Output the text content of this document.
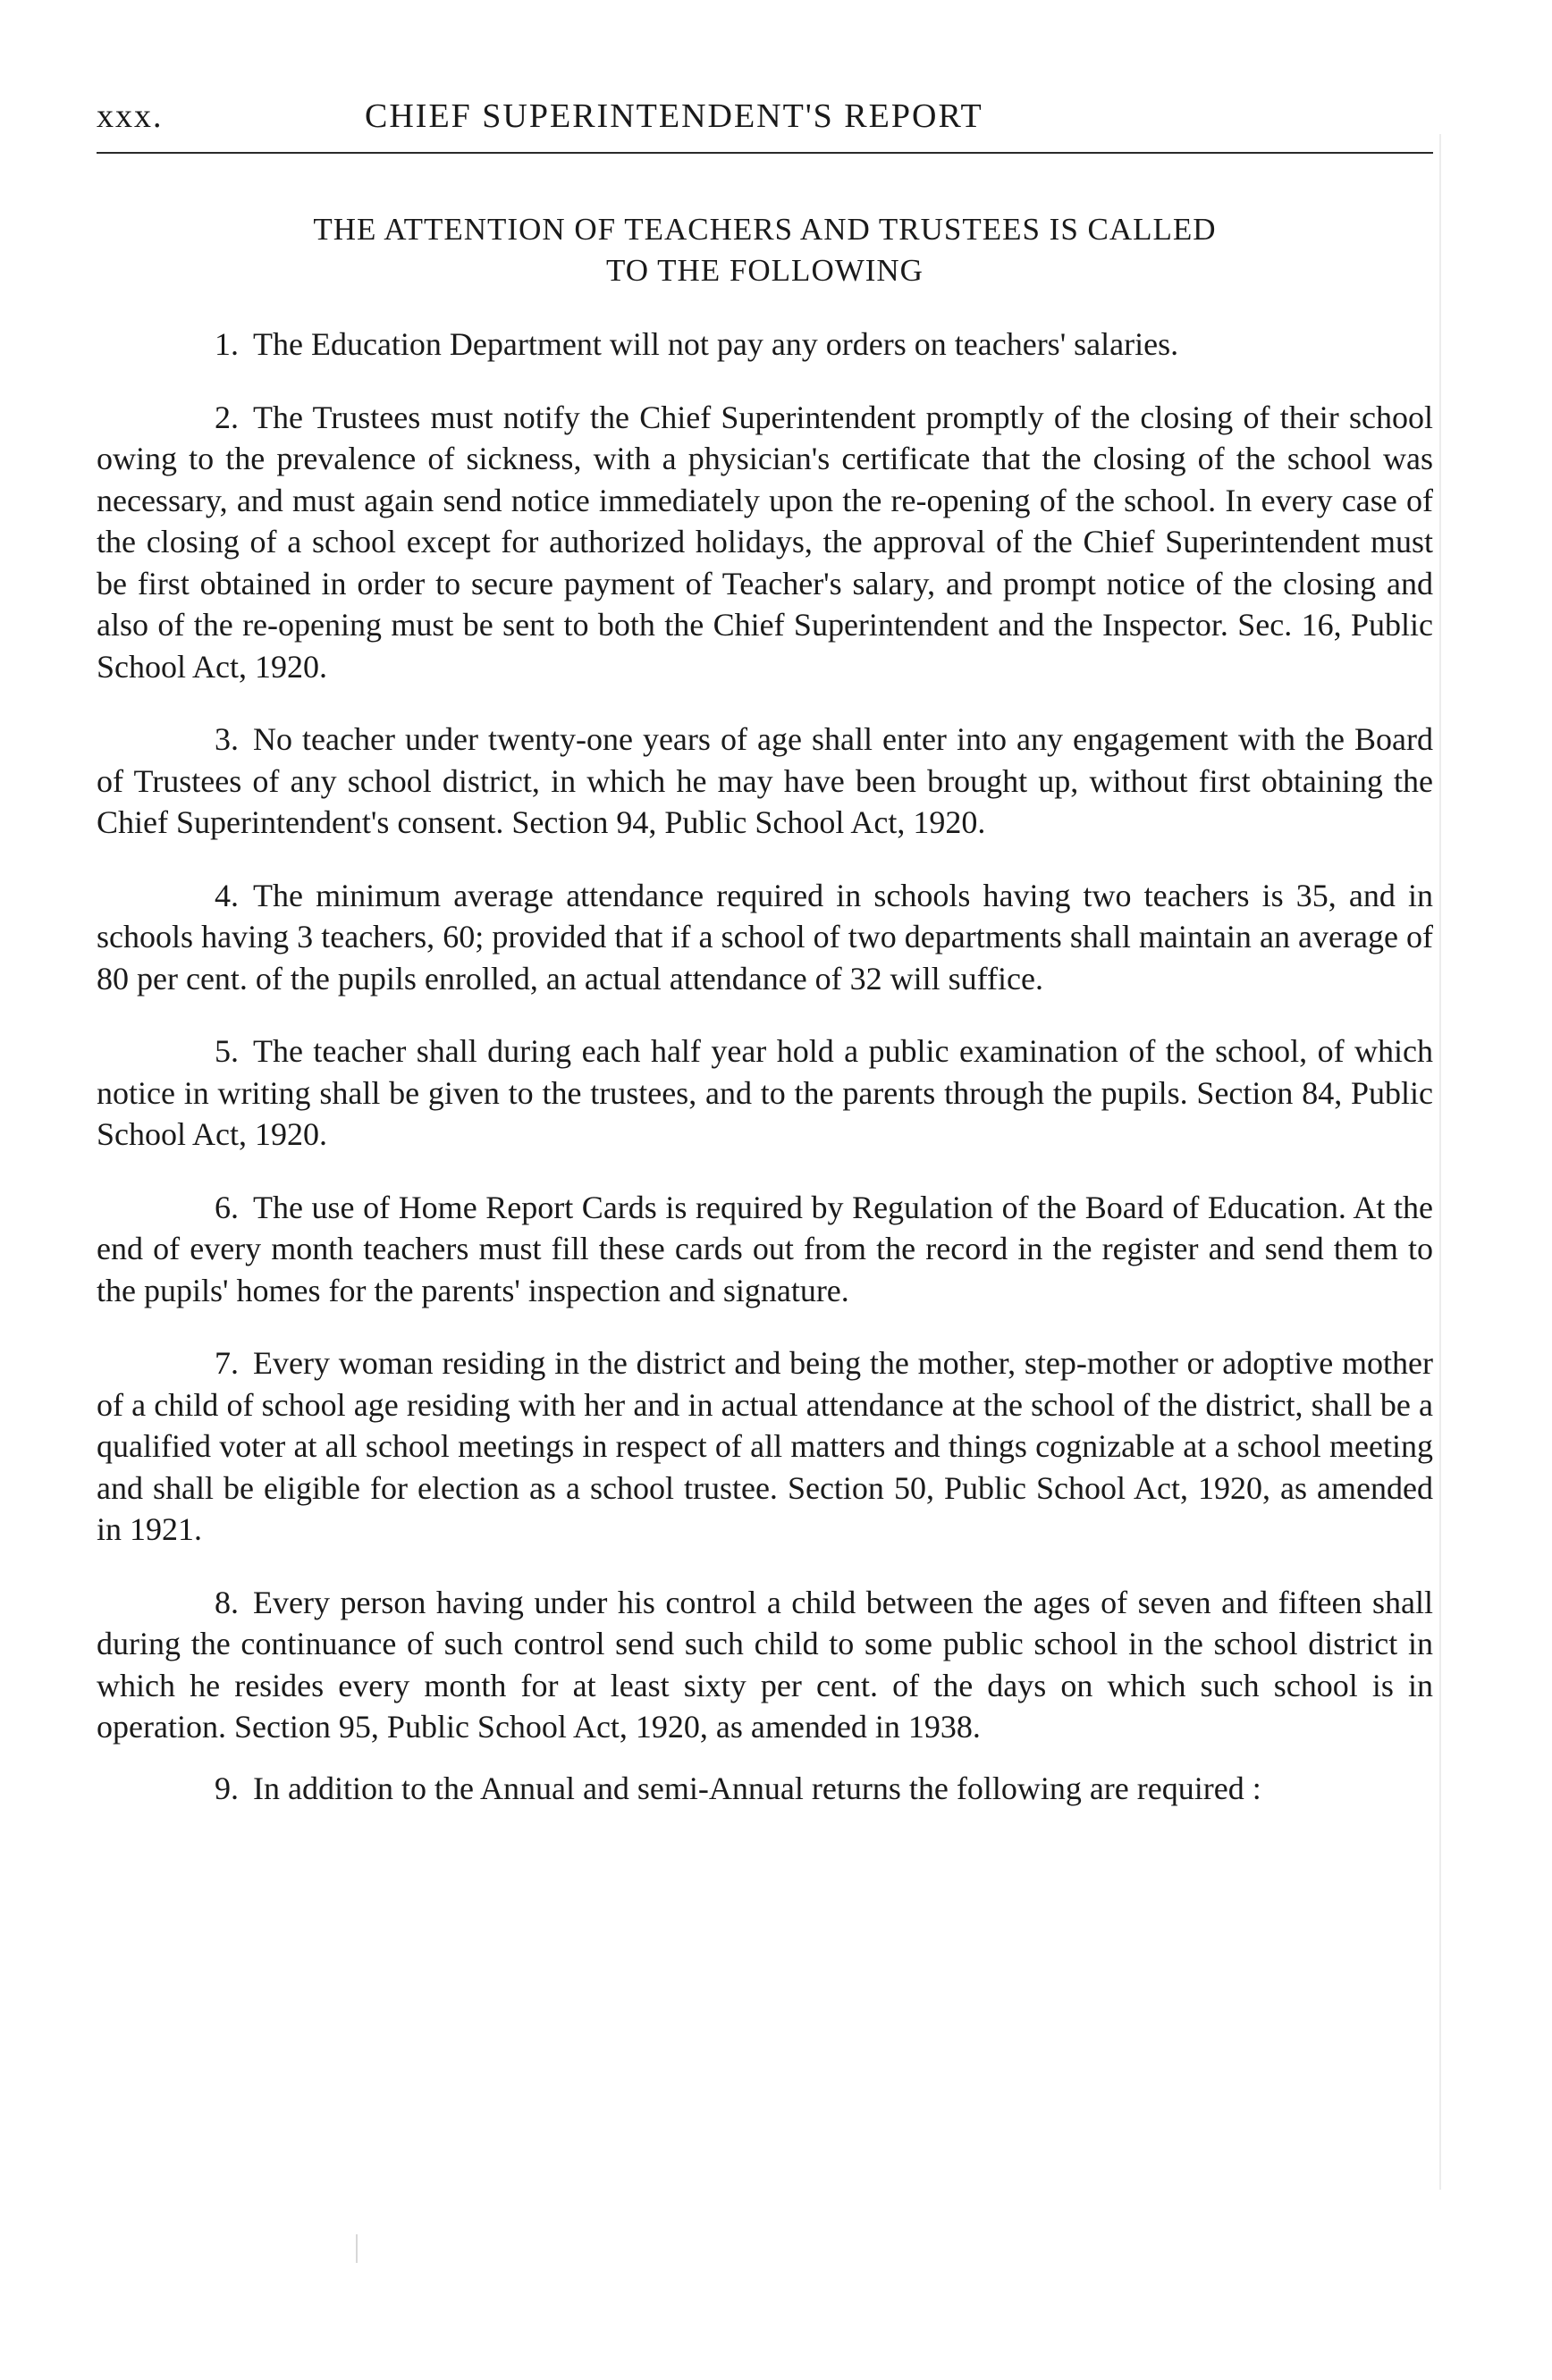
xxx.	CHIEF SUPERINTENDENT'S REPORT
THE ATTENTION OF TEACHERS AND TRUSTEES IS CALLED
TO THE FOLLOWING

1. The Education Department will not pay any orders on teachers' salaries.

2. The Trustees must notify the Chief Superintendent promptly of the closing of their school owing to the prevalence of sickness, with a physician's certificate that the closing of the school was necessary, and must again send notice immediately upon the re-opening of the school. In every case of the closing of a school except for authorized holidays, the approval of the Chief Superintendent must be first obtained in order to secure payment of Teacher's salary, and prompt notice of the closing and also of the re-opening must be sent to both the Chief Superintendent and the Inspector. Sec. 16, Public School Act, 1920.

3. No teacher under twenty-one years of age shall enter into any engagement with the Board of Trustees of any school district, in which he may have been brought up, without first obtaining the Chief Superintendent's consent. Section 94, Public School Act, 1920.

4. The minimum average attendance required in schools having two teachers is 35, and in schools having 3 teachers, 60; provided that if a school of two departments shall maintain an average of 80 per cent. of the pupils enrolled, an actual attendance of 32 will suffice.

5. The teacher shall during each half year hold a public examination of the school, of which notice in writing shall be given to the trustees, and to the parents through the pupils. Section 84, Public School Act, 1920.

6. The use of Home Report Cards is required by Regulation of the Board of Education. At the end of every month teachers must fill these cards out from the record in the register and send them to the pupils' homes for the parents' inspection and signature.

7. Every woman residing in the district and being the mother, step-mother or adoptive mother of a child of school age residing with her and in actual attendance at the school of the district, shall be a qualified voter at all school meetings in respect of all matters and things cognizable at a school meeting and shall be eligible for election as a school trustee. Section 50, Public School Act, 1920, as amended in 1921.

8. Every person having under his control a child between the ages of seven and fifteen shall during the continuance of such control send such child to some public school in the school district in which he resides every month for at least sixty per cent. of the days on which such school is in operation. Section 95, Public School Act, 1920, as amended in 1938.

9. In addition to the Annual and semi-Annual returns the following are required :
